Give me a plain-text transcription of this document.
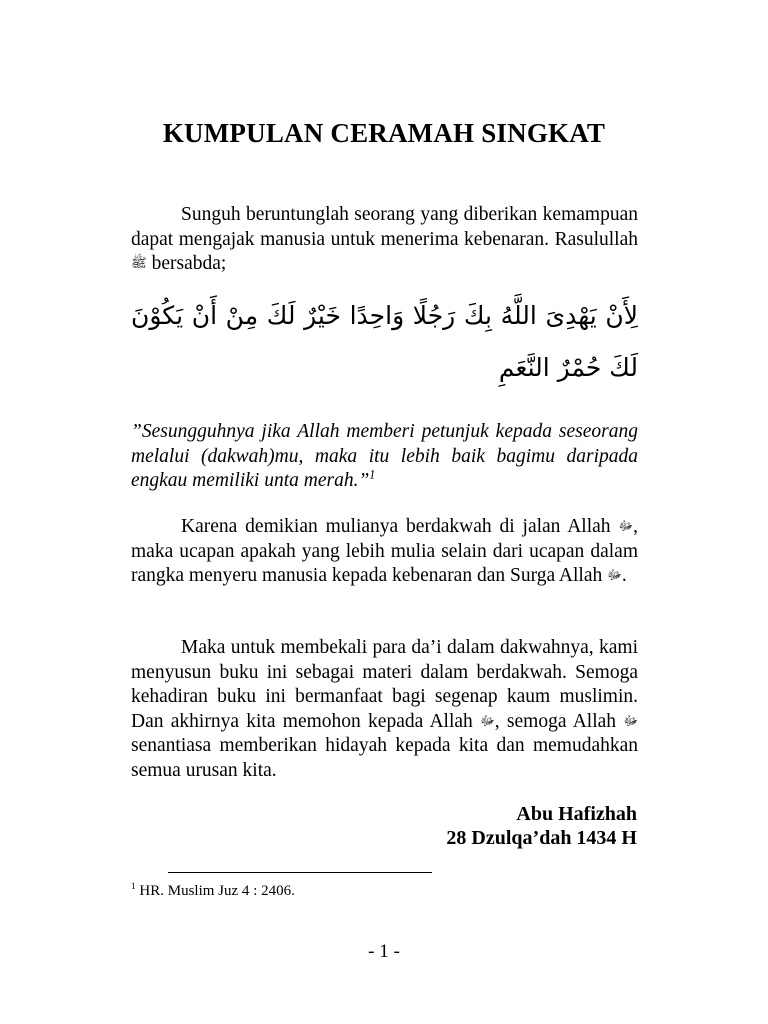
KUMPULAN CERAMAH SINGKAT
Sunguh beruntunglah seorang yang diberikan kemampuan dapat mengajak manusia untuk menerima kebenaran. Rasulullah ﷺ bersabda;
لِأَنْ يَهْدِىَ اللَّهُ بِكَ رَجُلًا وَاحِدًا خَيْرٌ لَكَ مِنْ أَنْ يَكُوْنَ لَكَ حُمْرٌ النَّعَمِ
”Sesungguhnya jika Allah memberi petunjuk kepada seseorang melalui (dakwah)mu, maka itu lebih baik bagimu daripada engkau memiliki unta merah.”$^1$
Karena demikian mulianya berdakwah di jalan Allah ﷻ, maka ucapan apakah yang lebih mulia selain dari ucapan dalam rangka menyeru manusia kepada kebenaran dan Surga Allah ﷻ.
Maka untuk membekali para da’i dalam dakwahnya, kami menyusun buku ini sebagai materi dalam berdakwah. Semoga kehadiran buku ini bermanfaat bagi segenap kaum muslimin. Dan akhirnya kita memohon kepada Allah ﷻ, semoga Allah ﷻ senantiasa memberikan hidayah kepada kita dan memudahkan semua urusan kita.
Abu Hafizhah
28 Dzulqa’dah 1434 H
$^1$ HR. Muslim Juz 4 : 2406.
- 1 -
